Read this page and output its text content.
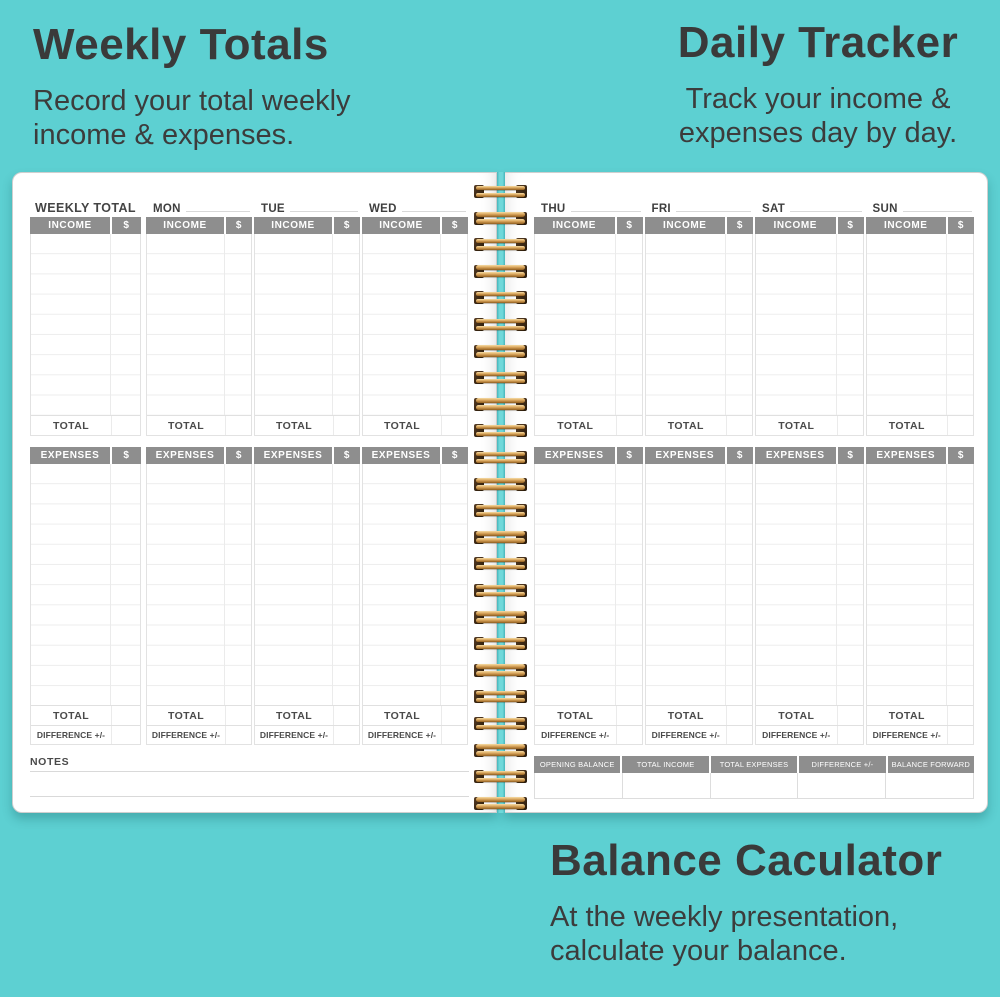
Weekly Totals
Record your total weekly
income & expenses.
Daily Tracker
Track your income &
expenses day by day.
Balance Caculator
At the weekly presentation,
calculate your balance.
WEEKLY TOTAL
INCOME	$
TOTAL
EXPENSES	$
TOTAL
DIFFERENCE +/-
MON
INCOME	$
TOTAL
EXPENSES	$
TOTAL
DIFFERENCE +/-
TUE
INCOME	$
TOTAL
EXPENSES	$
TOTAL
DIFFERENCE +/-
WED
INCOME	$
TOTAL
EXPENSES	$
TOTAL
DIFFERENCE +/-
NOTES
THU
INCOME	$
TOTAL
EXPENSES	$
TOTAL
DIFFERENCE +/-
FRI
INCOME	$
TOTAL
EXPENSES	$
TOTAL
DIFFERENCE +/-
SAT
INCOME	$
TOTAL
EXPENSES	$
TOTAL
DIFFERENCE +/-
SUN
INCOME	$
TOTAL
EXPENSES	$
TOTAL
DIFFERENCE +/-
OPENING BALANCE	TOTAL INCOME	TOTAL EXPENSES	DIFFERENCE +/-	BALANCE FORWARD
